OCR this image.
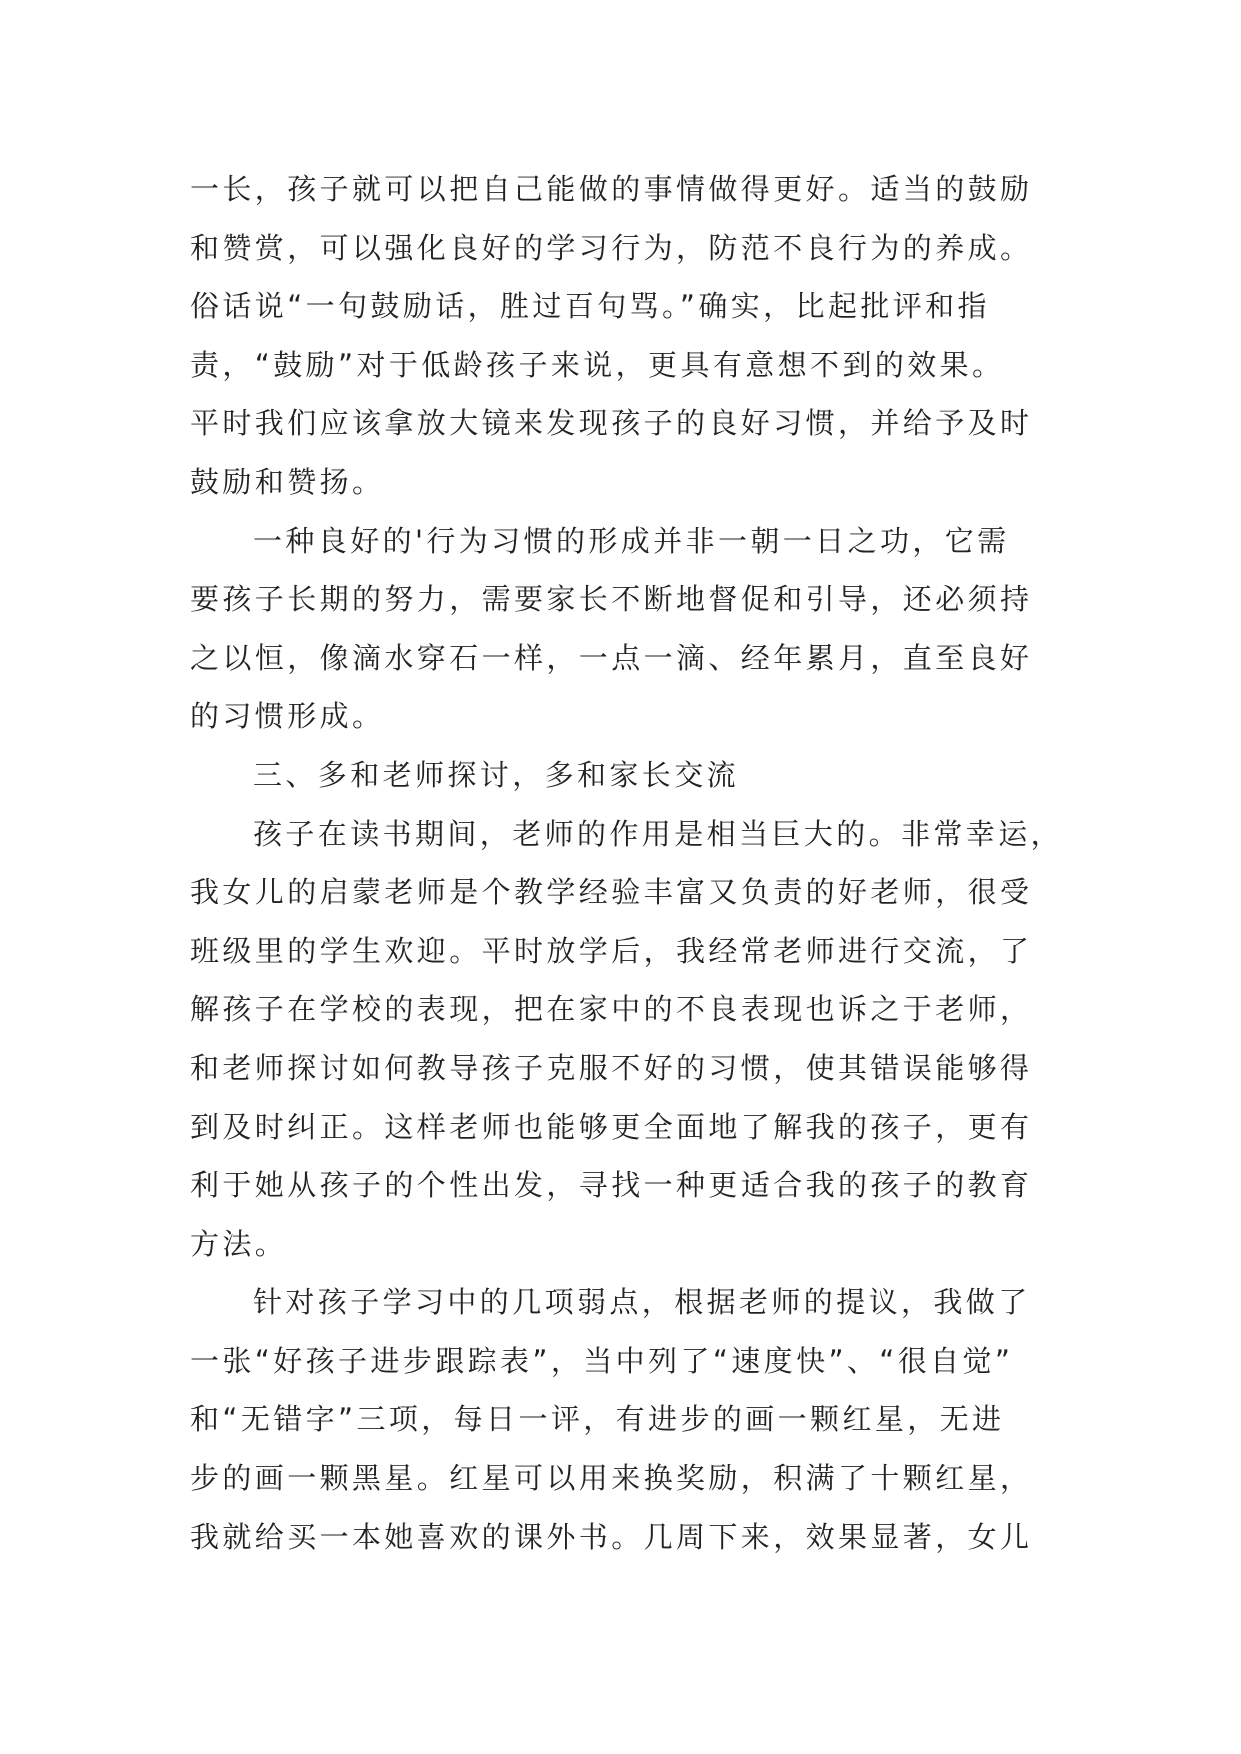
一长，孩子就可以把自己能做的事情做得更好。适当的鼓励
和赞赏，可以强化良好的学习行为，防范不良行为的养成。
俗话说“一句鼓励话，胜过百句骂。”确实，比起批评和指
责，“鼓励”对于低龄孩子来说，更具有意想不到的效果。
平时我们应该拿放大镜来发现孩子的良好习惯，并给予及时
鼓励和赞扬。
一种良好的'行为习惯的形成并非一朝一日之功，它需
要孩子长期的努力，需要家长不断地督促和引导，还必须持
之以恒，像滴水穿石一样，一点一滴、经年累月，直至良好
的习惯形成。
三、多和老师探讨，多和家长交流
孩子在读书期间，老师的作用是相当巨大的。非常幸运，
我女儿的启蒙老师是个教学经验丰富又负责的好老师，很受
班级里的学生欢迎。平时放学后，我经常老师进行交流，了
解孩子在学校的表现，把在家中的不良表现也诉之于老师，
和老师探讨如何教导孩子克服不好的习惯，使其错误能够得
到及时纠正。这样老师也能够更全面地了解我的孩子，更有
利于她从孩子的个性出发，寻找一种更适合我的孩子的教育
方法。
针对孩子学习中的几项弱点，根据老师的提议，我做了
一张“好孩子进步跟踪表”，当中列了“速度快”、“很自觉”
和“无错字”三项，每日一评，有进步的画一颗红星，无进
步的画一颗黑星。红星可以用来换奖励，积满了十颗红星，
我就给买一本她喜欢的课外书。几周下来，效果显著，女儿
